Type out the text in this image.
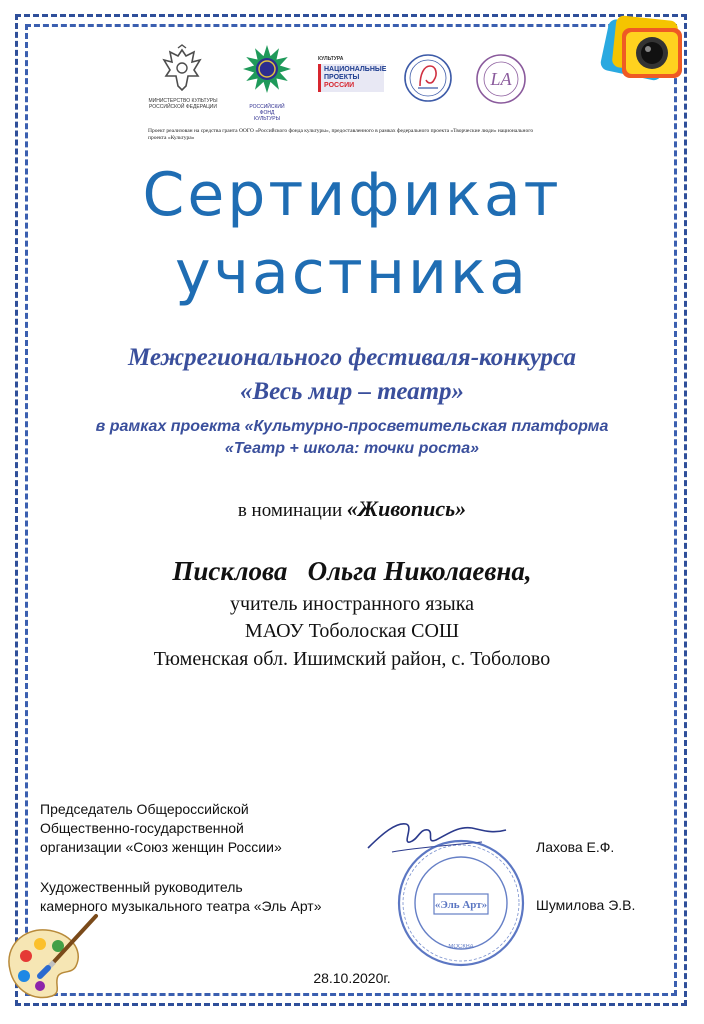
МИНИСТЕРСТВО КУЛЬТУРЫ
РОССИЙСКОЙ ФЕДЕРАЦИИ	РОССИЙСКИЙ
ФОНД
КУЛЬТУРЫ
КУЛЬТУРА
НАЦИОНАЛЬНЫЕ
ПРОЕКТЫ
РОССИИ	LA
Проект реализован на средства гранта ООГО «Российского фонда культуры», предоставленного в рамках федерального проекта «Творческие люди» национального проекта «Культура»
Сертификат
участника
Межрегионального фестиваля-конкурса
«Весь мир – театр»
в рамках проекта «Культурно-просветительская платформа
«Театр + школа: точки роста»
в номинации «Живопись»
Писклова   Ольга Николаевна,
учитель иностранного языка
МАОУ Тоболоская СОШ
Тюменская обл. Ишимский район, с. Тоболово
Председатель Общероссийской
Общественно-государственной
организации «Союз женщин России»	Лахова Е.Ф.
Художественный руководитель
камерного музыкального театра «Эль Арт»	Шумилова Э.В.
«Эль Арт»
МОСКВА
28.10.2020г.
